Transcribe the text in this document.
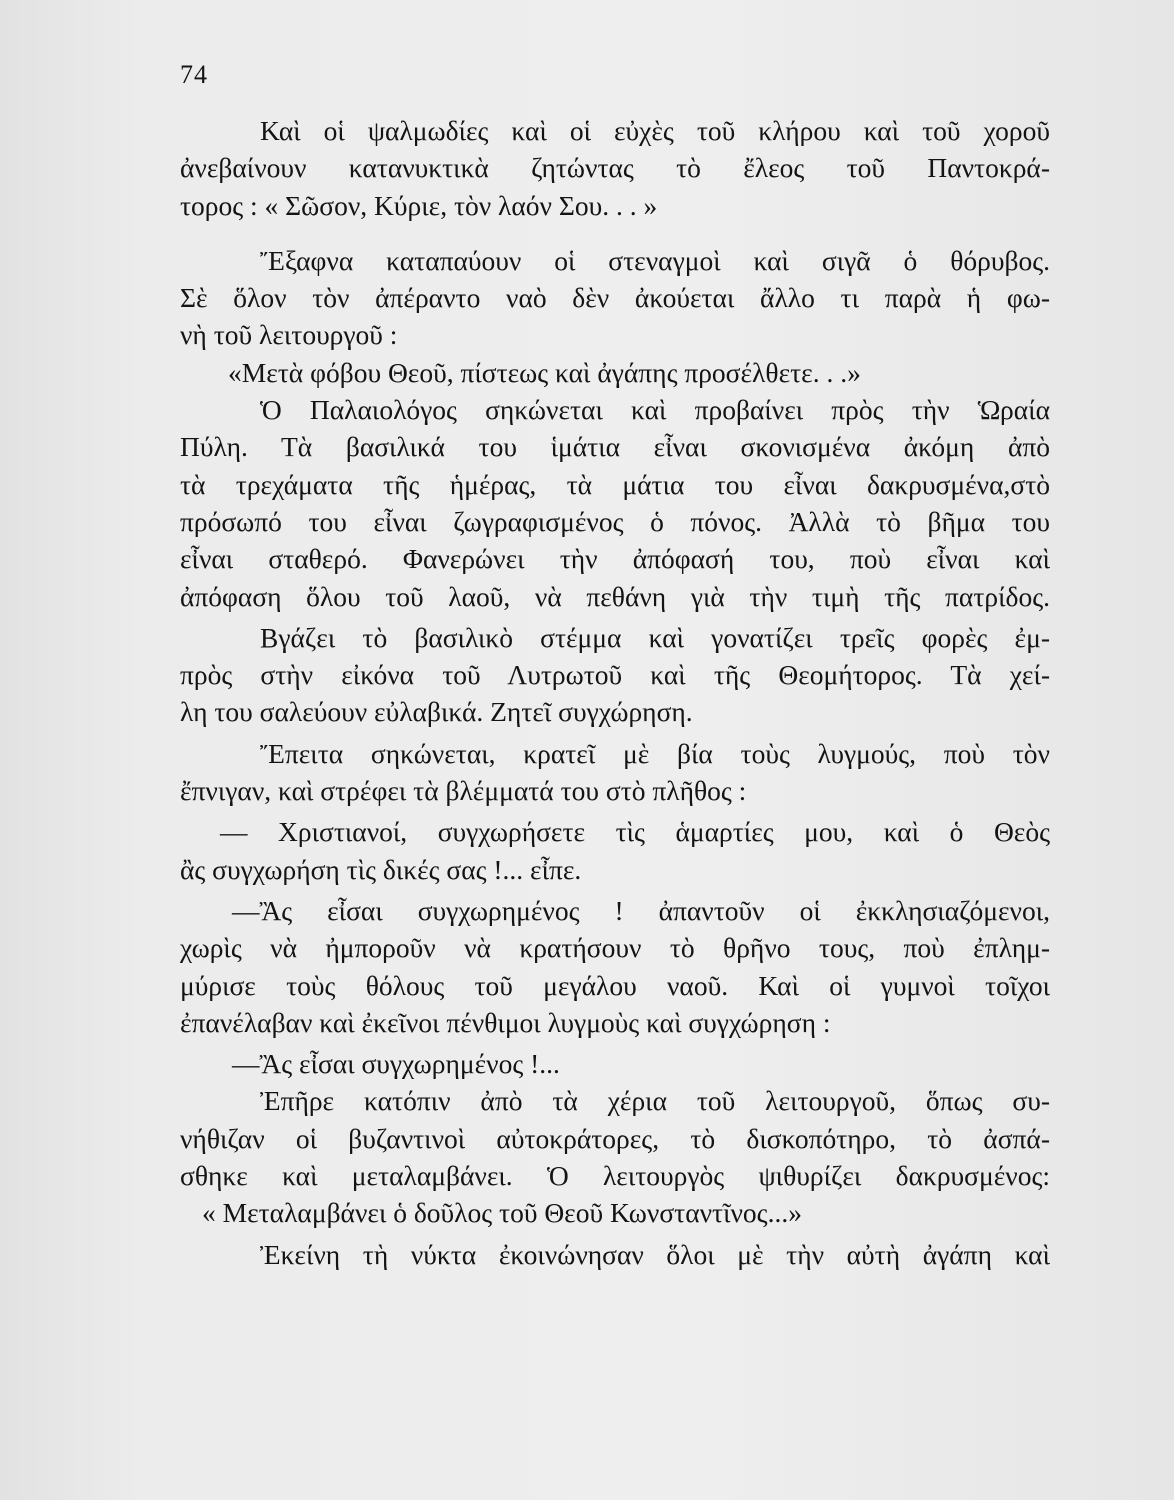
74
Καὶ οἱ ψαλμωδίες καὶ οἱ εὐχὲς τοῦ κλήρου καὶ τοῦ χοροῦ
ἀνεβαίνουν κατανυκτικὰ ζητώντας τὸ ἔλεος τοῦ Παντοκρά-
τορος : « Σῶσον, Κύριε, τὸν λαόν Σου. . . »
Ἔξαφνα καταπαύουν οἱ στεναγμοὶ καὶ σιγᾶ ὁ θόρυβος.
Σὲ ὅλον τὸν ἀπέραντο ναὸ δὲν ἀκούεται ἄλλο τι παρὰ ἡ φω-
νὴ τοῦ λειτουργοῦ :
«Μετὰ φόβου Θεοῦ, πίστεως καὶ ἀγάπης προσέλθετε. . .»
Ὁ Παλαιολόγος σηκώνεται καὶ προβαίνει πρὸς τὴν Ὡραία
Πύλη. Τὰ βασιλικά του ἱμάτια εἶναι σκονισμένα ἀκόμη ἀπὸ
τὰ τρεχάματα τῆς ἡμέρας, τὰ μάτια του εἶναι δακρυσμένα,στὸ
πρόσωπό του εἶναι ζωγραφισμένος ὁ πόνος. Ἀλλὰ τὸ βῆμα του
εἶναι σταθερό. Φανερώνει τὴν ἀπόφασή του, ποὺ εἶναι καὶ
ἀπόφαση ὅλου τοῦ λαοῦ, νὰ πεθάνη γιὰ τὴν τιμὴ τῆς πατρίδος.
Βγάζει τὸ βασιλικὸ στέμμα καὶ γονατίζει τρεῖς φορὲς ἐμ-
πρὸς στὴν εἰκόνα τοῦ Λυτρωτοῦ καὶ τῆς Θεομήτορος. Τὰ χεί-
λη του σαλεύουν εὐλαβικά. Ζητεῖ συγχώρηση.
Ἔπειτα σηκώνεται, κρατεῖ μὲ βία τοὺς λυγμούς, ποὺ τὸν
ἔπνιγαν, καὶ στρέφει τὰ βλέμματά του στὸ πλῆθος :
— Χριστιανοί, συγχωρήσετε τὶς ἁμαρτίες μου, καὶ ὁ Θεὸς
ἂς συγχωρήση τὶς δικές σας !... εἶπε.
—Ἂς εἶσαι συγχωρημένος ! ἀπαντοῦν οἱ ἐκκλησιαζόμενοι,
χωρὶς νὰ ἠμποροῦν νὰ κρατήσουν τὸ θρῆνο τους, ποὺ ἐπλημ-
μύρισε τοὺς θόλους τοῦ μεγάλου ναοῦ. Καὶ οἱ γυμνοὶ τοῖχοι
ἐπανέλαβαν καὶ ἐκεῖνοι πένθιμοι λυγμοὺς καὶ συγχώρηση :
—Ἂς εἶσαι συγχωρημένος !...
Ἐπῆρε κατόπιν ἀπὸ τὰ χέρια τοῦ λειτουργοῦ, ὅπως συ-
νήθιζαν οἱ βυζαντινοὶ αὐτοκράτορες, τὸ δισκοπότηρο, τὸ ἀσπά-
σθηκε καὶ μεταλαμβάνει. Ὁ λειτουργὸς ψιθυρίζει δακρυσμένος:
« Μεταλαμβάνει ὁ δοῦλος τοῦ Θεοῦ Κωνσταντῖνος...»
Ἐκείνη τὴ νύκτα ἐκοινώνησαν ὅλοι μὲ τὴν αὐτὴ ἀγάπη καὶ
